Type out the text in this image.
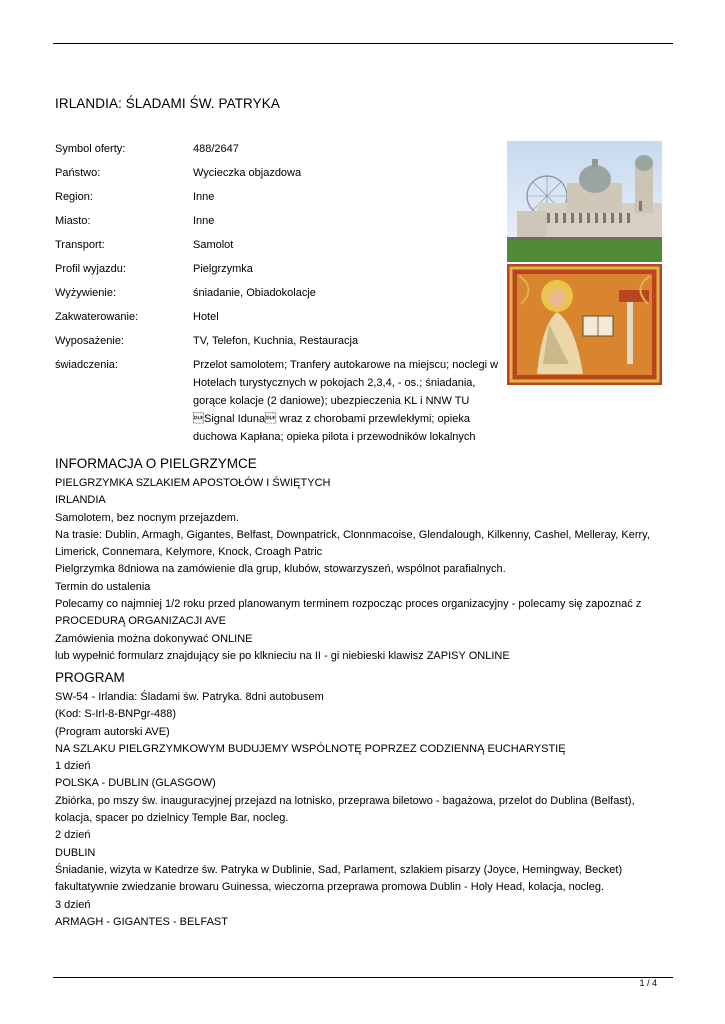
IRLANDIA: ŚLADAMI ŚW. PATRYKA
Symbol oferty:	488/2647
Państwo:	Wycieczka objazdowa
Region:	Inne
Miasto:	Inne
Transport:	Samolot
Profil wyjazdu:	Pielgrzymka
Wyżywienie:	śniadanie, Obiadokolacje
Zakwaterowanie:	Hotel
Wyposażenie:	TV, Telefon, Kuchnia, Restauracja
świadczenia:	Przelot samolotem; Tranfery autokarowe na miejscu; noclegi w Hotelach turystycznych w pokojach 2,3,4, - os.; śniadania, gorące kolacje (2 daniowe); ubezpieczenia KL i NNW TU Signal Iduna wraz z chorobami przewlekłymi; opieka duchowa Kapłana; opieka pilota i przewodników lokalnych
INFORMACJA O PIELGRZYMCE
PIELGRZYMKA SZLAKIEM APOSTOŁÓW I ŚWIĘTYCH
IRLANDIA
Samolotem, bez nocnym przejazdem.
Na trasie: Dublin, Armagh, Gigantes, Belfast, Downpatrick, Clonnmacoise, Glendalough, Kilkenny, Cashel, Melleray, Kerry, Limerick, Connemara, Kelymore, Knock, Croagh Patric
Pielgrzymka 8dniowa na zamówienie dla grup, klubów, stowarzyszeń, wspólnot parafialnych.
Termin do ustalenia
Polecamy co najmniej 1/2 roku przed planowanym terminem rozpocząc proces organizacyjny - polecamy się zapoznać z PROCEDURĄ ORGANIZACJI AVE
Zamówienia można dokonywać ONLINE
lub wypełnić formularz znajdujący sie po klknieciu na II - gi niebieski klawisz ZAPISY ONLINE
PROGRAM
SW-54 - Irlandia: Śladami św. Patryka. 8dni autobusem
(Kod: S-Irl-8-BNPgr-488)
(Program autorski AVE)
NA SZLAKU PIELGRZYMKOWYM BUDUJEMY WSPÓLNOTĘ POPRZEZ CODZIENNĄ EUCHARYSTIĘ
1 dzień
POLSKA - DUBLIN (GLASGOW)
Zbiórka, po mszy św. inauguracyjnej przejazd na lotnisko, przeprawa biletowo - bagażowa, przelot do Dublina (Belfast), kolacja, spacer po dzielnicy Temple Bar, nocleg.
2 dzień
DUBLIN
Śniadanie, wizyta w Katedrze św. Patryka w Dublinie, Sad, Parlament, szlakiem pisarzy (Joyce, Hemingway, Becket) fakultatywnie zwiedzanie browaru Guinessa, wieczorna przeprawa promowa Dublin - Holy Head, kolacja, nocleg.
3 dzień
ARMAGH - GIGANTES - BELFAST
1 / 4
